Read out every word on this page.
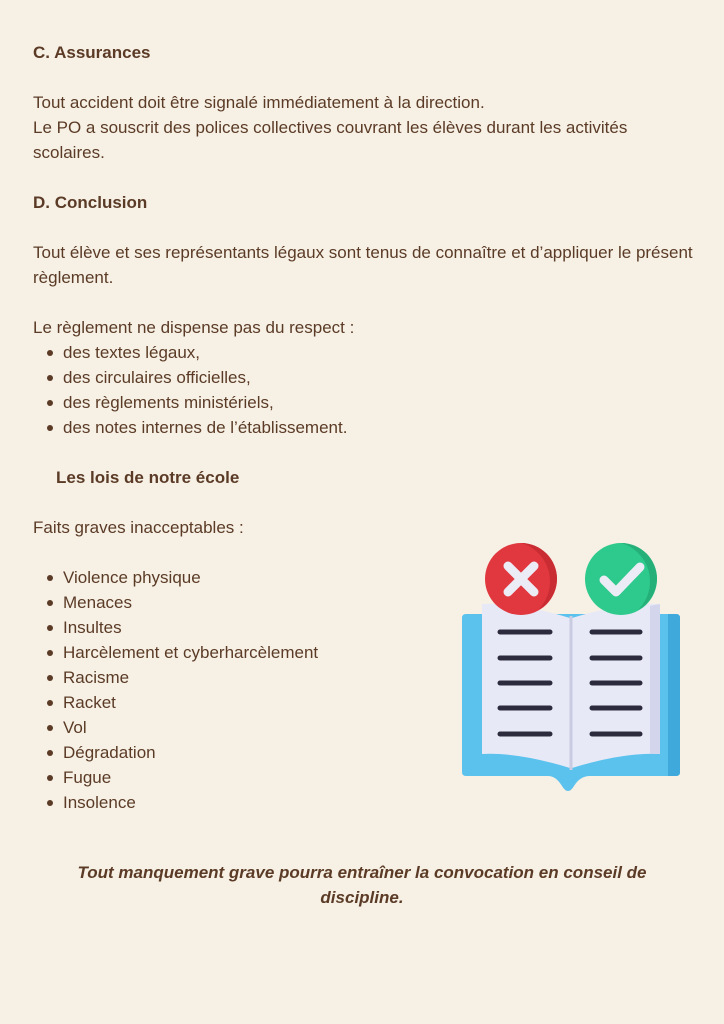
C. Assurances

Tout accident doit être signalé immédiatement à la direction.

Le PO a souscrit des polices collectives couvrant les élèves durant les activités scolaires.

D. Conclusion

Tout élève et ses représentants légaux sont tenus de connaître et d’appliquer le présent règlement.

Le règlement ne dispense pas du respect :

des textes légaux,
des circulaires officielles,
des règlements ministériels,
des notes internes de l’établissement.

Les lois de notre école

Faits graves inacceptables :

Violence physique
Menaces
Insultes
Harcèlement et cyberharcèlement
Racisme
Racket
Vol
Dégradation
Fugue
Insolence

Tout manquement grave pourra entraîner la convocation en conseil de discipline.
